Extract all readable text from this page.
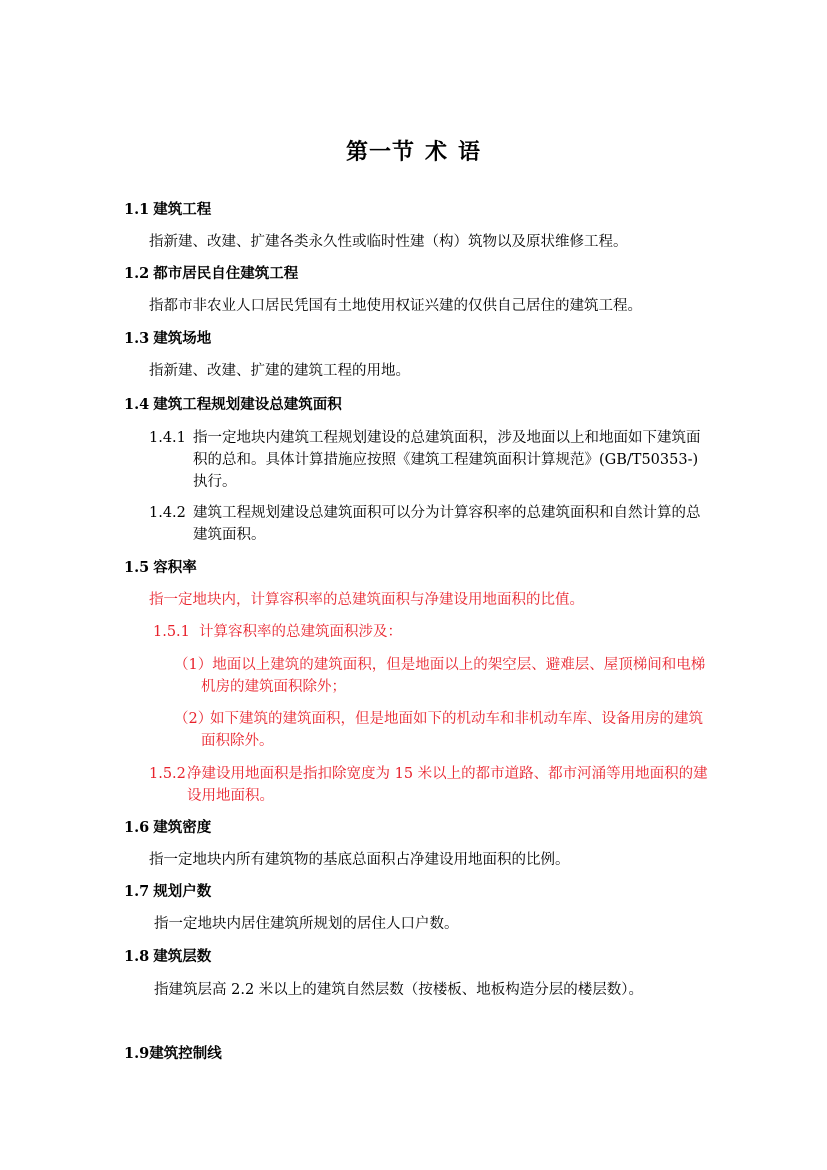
第一节 术 语
1.1 建筑工程
指新建、改建、扩建各类永久性或临时性建（构）筑物以及原状维修工程。
1.2 都市居民自住建筑工程
指都市非农业人口居民凭国有土地使用权证兴建的仅供自己居住的建筑工程。
1.3 建筑场地
指新建、改建、扩建的建筑工程的用地。
1.4 建筑工程规划建设总建筑面积
1.4.1 指一定地块内建筑工程规划建设的总建筑面积，涉及地面以上和地面如下建筑面
积的总和。具体计算措施应按照《建筑工程建筑面积计算规范》(GB/T50353-)
执行。
1.4.2 建筑工程规划建设总建筑面积可以分为计算容积率的总建筑面积和自然计算的总
建筑面积。
1.5 容积率
指一定地块内，计算容积率的总建筑面积与净建设用地面积的比值。
1.5.1 计算容积率的总建筑面积涉及：
（1）地面以上建筑的建筑面积，但是地面以上的架空层、避难层、屋顶梯间和电梯
机房的建筑面积除外；
（2）如下建筑的建筑面积，但是地面如下的机动车和非机动车库、设备用房的建筑
面积除外。
1.5.2净建设用地面积是指扣除宽度为 15 米以上的都市道路、都市河涌等用地面积的建
设用地面积。
1.6 建筑密度
指一定地块内所有建筑物的基底总面积占净建设用地面积的比例。
1.7 规划户数
指一定地块内居住建筑所规划的居住人口户数。
1.8 建筑层数
指建筑层高 2.2 米以上的建筑自然层数（按楼板、地板构造分层的楼层数）。
1.9建筑控制线
